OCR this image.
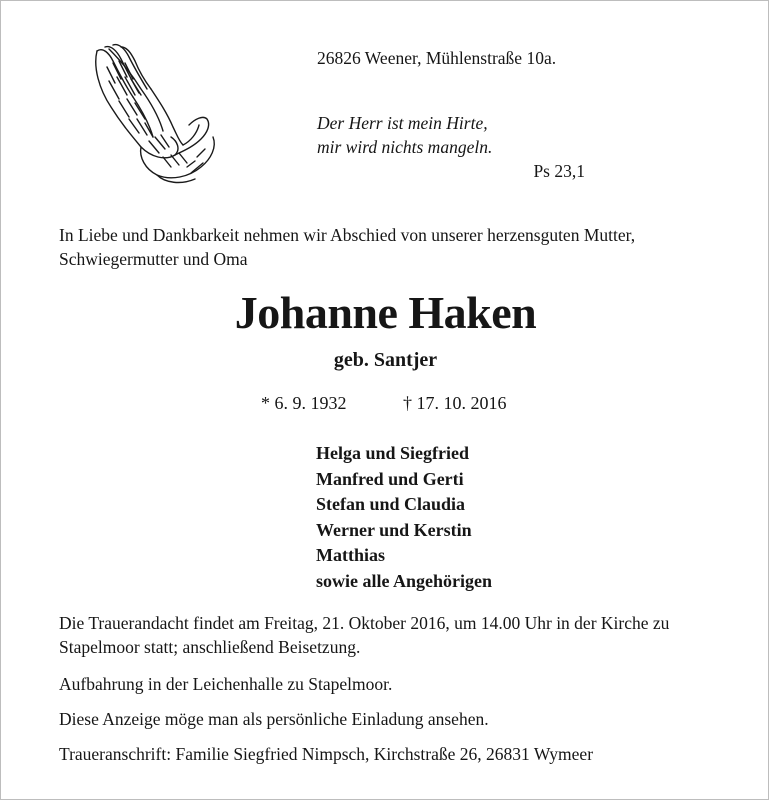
26826 Weener, Mühlenstraße 10a.
Der Herr ist mein Hirte,
mir wird nichts mangeln.
Ps 23,1
In Liebe und Dankbarkeit nehmen wir Abschied von unserer herzensguten Mutter, Schwiegermutter und Oma
Johanne Haken
geb. Santjer
* 6. 9. 1932	† 17. 10. 2016
Helga und Siegfried
Manfred und Gerti
Stefan und Claudia
Werner und Kerstin
Matthias
sowie alle Angehörigen
Die Trauerandacht findet am Freitag, 21. Oktober 2016, um 14.00 Uhr in der Kirche zu Stapelmoor statt; anschließend Beisetzung.
Aufbahrung in der Leichenhalle zu Stapelmoor.
Diese Anzeige möge man als persönliche Einladung ansehen.
Traueranschrift: Familie Siegfried Nimpsch, Kirchstraße 26, 26831 Wymeer
